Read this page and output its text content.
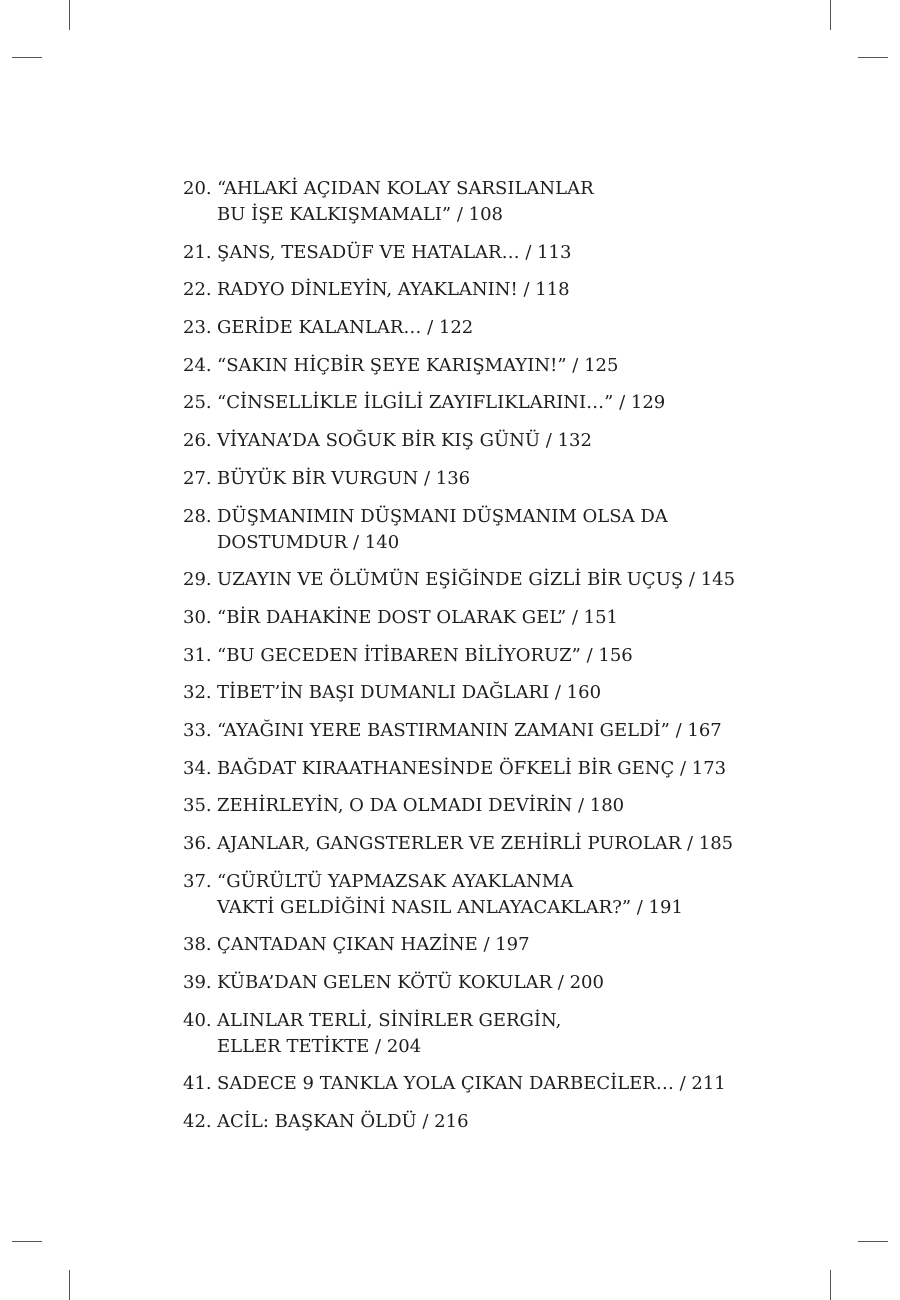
20. “AHLAKİ AÇIDAN KOLAY SARSILANLAR
BU İŞE KALKIŞMAMALI” / 108
21. ŞANS, TESADÜF VE HATALAR… / 113
22. RADYO DİNLEYİN, AYAKLANIN! / 118
23. GERİDE KALANLAR… / 122
24. “SAKIN HİÇBİR ŞEYE KARIŞMAYIN!” / 125
25. “CİNSELLİKLE İLGİLİ ZAYIFLIKLARINI…” / 129
26. VİYANA’DA SOĞUK BİR KIŞ GÜNÜ / 132
27. BÜYÜK BİR VURGUN / 136
28. DÜŞMANIMIN DÜŞMANI DÜŞMANIM OLSA DA
DOSTUMDUR / 140
29. UZAYIN VE ÖLÜMÜN EŞİĞİNDE GİZLİ BİR UÇUŞ / 145
30. “BİR DAHAKİNE DOST OLARAK GEL” / 151
31. “BU GECEDEN İTİBAREN BİLİYORUZ” / 156
32. TİBET’İN BAŞI DUMANLI DAĞLARI / 160
33. “AYAĞINI YERE BASTIRMANIN ZAMANI GELDİ” / 167
34. BAĞDAT KIRAATHANESİNDE ÖFKELİ BİR GENÇ / 173
35. ZEHİRLEYİN, O DA OLMADI DEVİRİN / 180
36. AJANLAR, GANGSTERLER VE ZEHİRLİ PUROLAR / 185
37. “GÜRÜLTÜ YAPMAZSAK AYAKLANMA
VAKTİ GELDİĞİNİ NASIL ANLAYACAKLAR?” / 191
38. ÇANTADAN ÇIKAN HAZİNE / 197
39. KÜBA’DAN GELEN KÖTÜ KOKULAR / 200
40. ALINLAR TERLİ, SİNİRLER GERGİN,
ELLER TETİKTE / 204
41. SADECE 9 TANKLA YOLA ÇIKAN DARBECİLER… / 211
42. ACİL: BAŞKAN ÖLDÜ / 216
